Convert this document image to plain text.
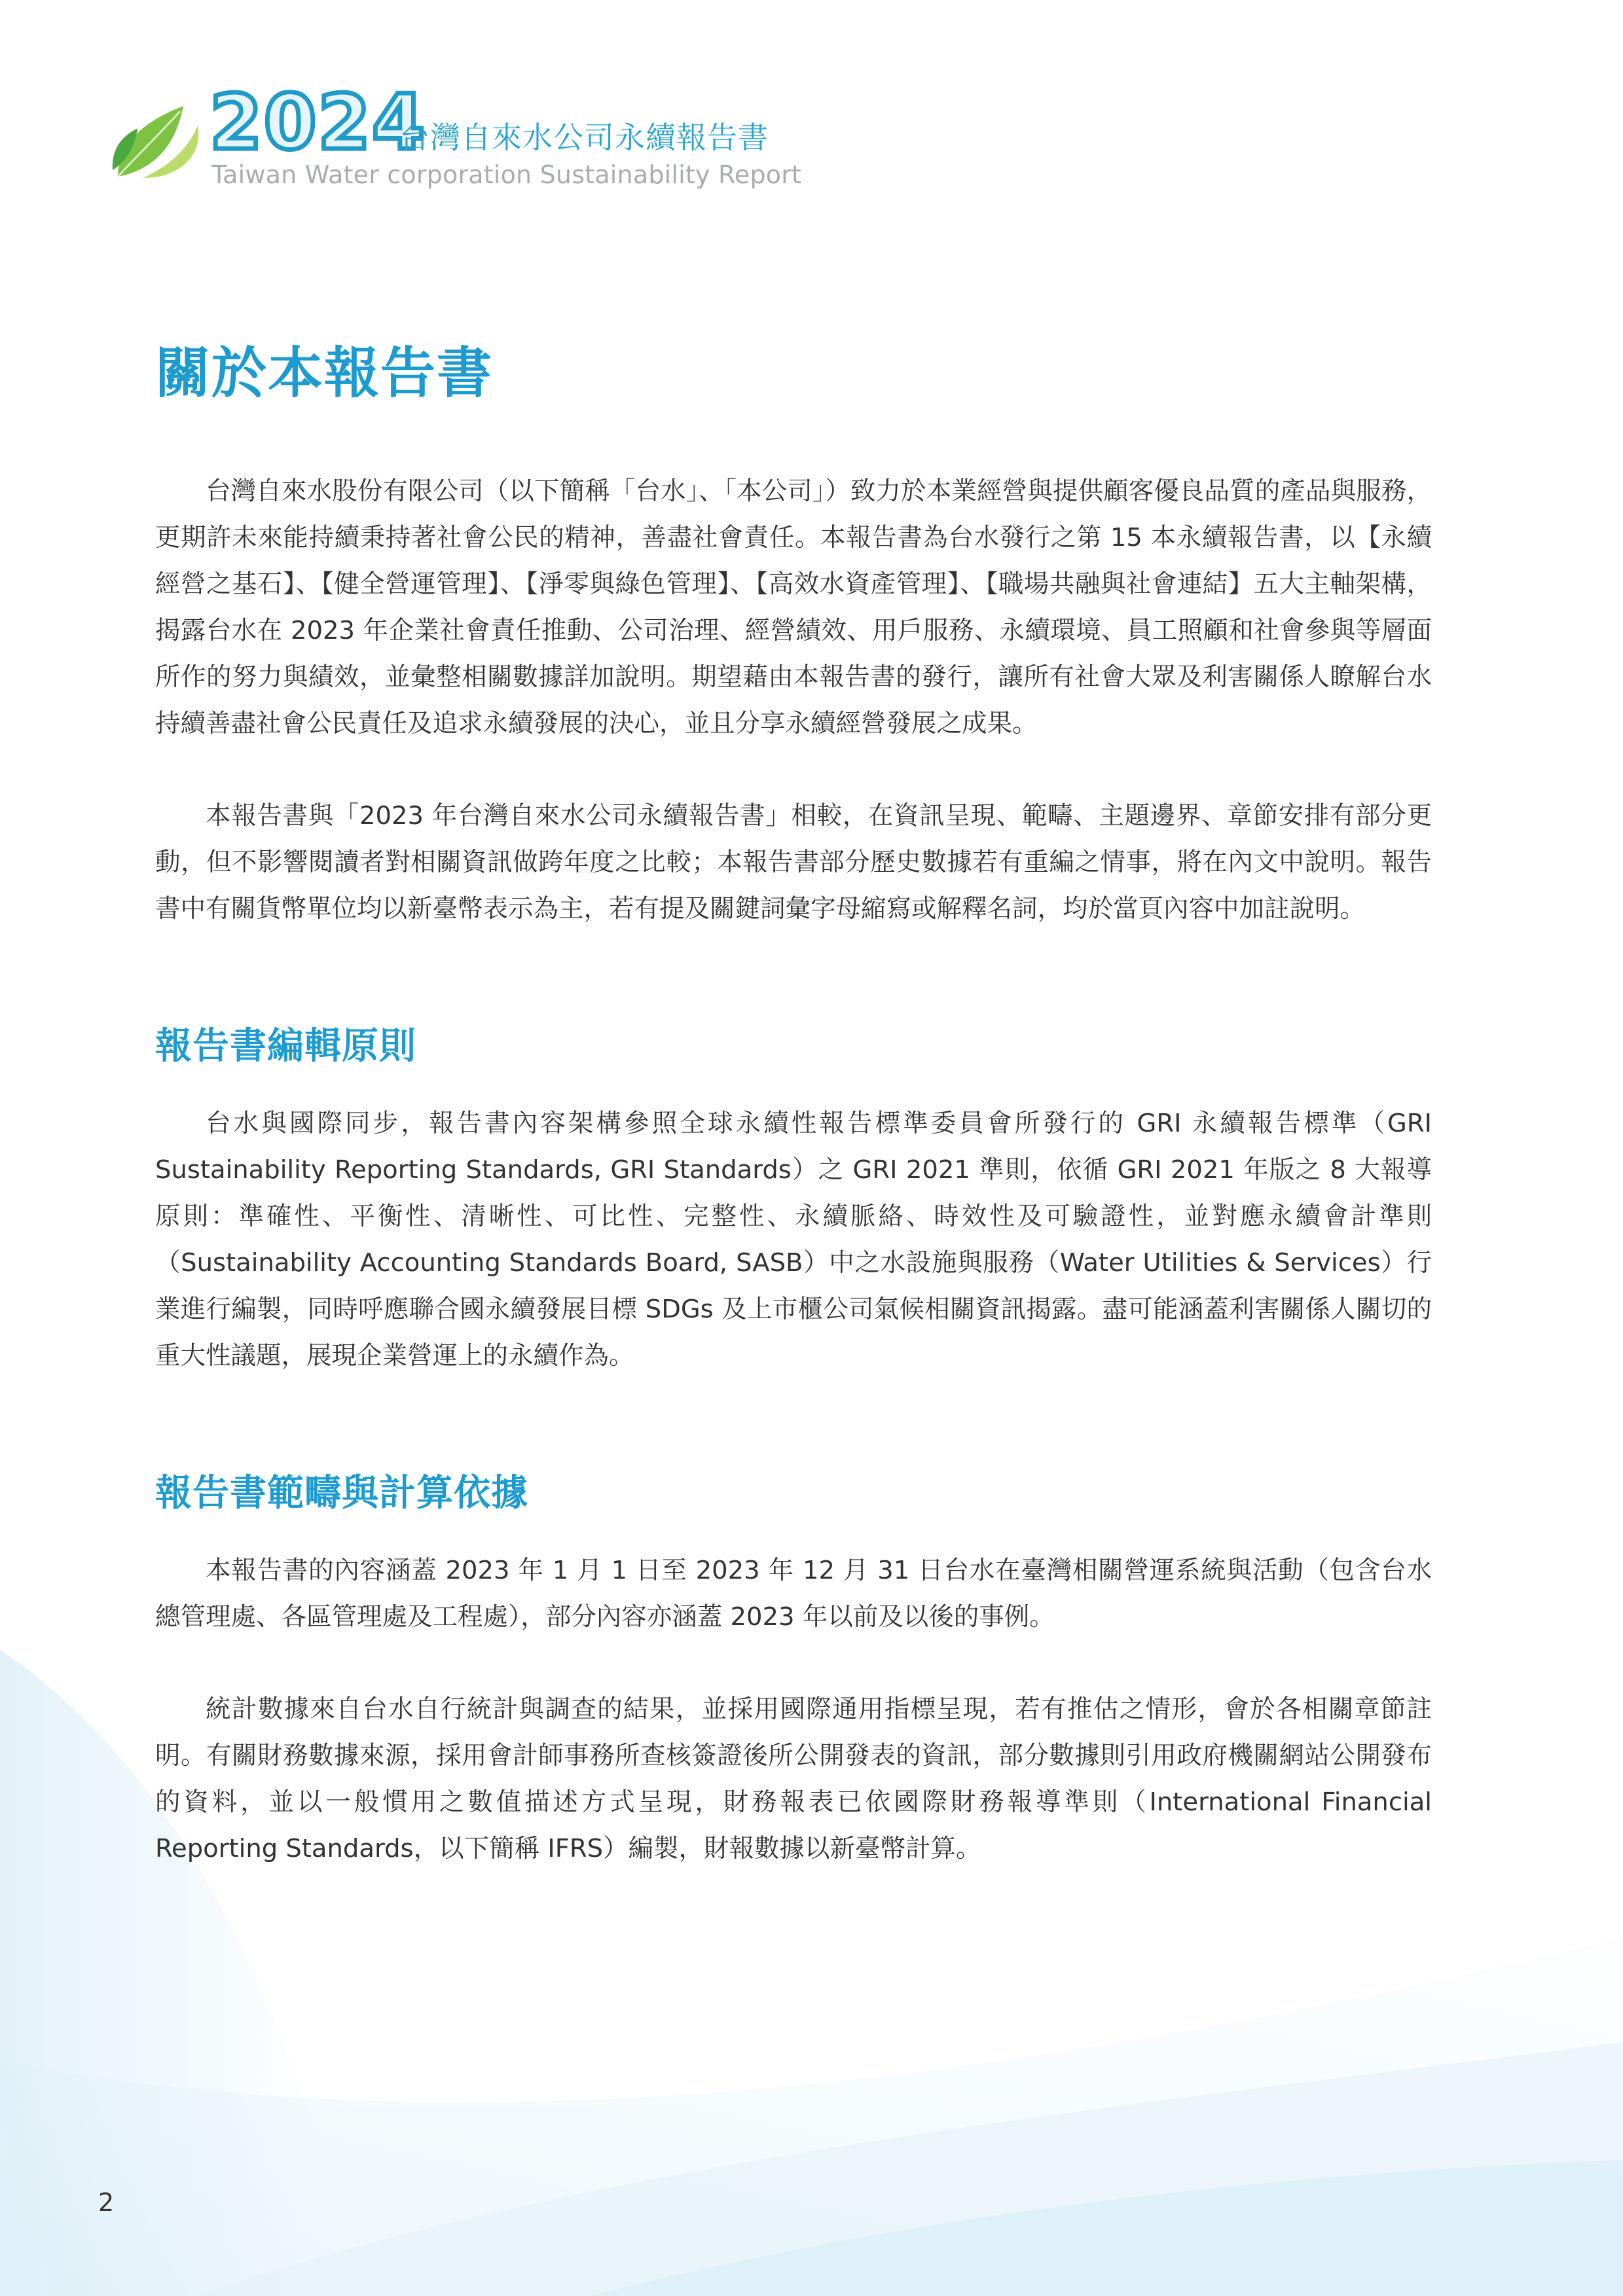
2024
台灣自來水公司永續報告書
Taiwan Water corporation Sustainability Report
關於本報告書

台灣自來水股份有限公司（以下簡稱「台水」、「本公司」）致力於本業經營與提供顧客優良品質的產品與服務，更期許未來能持續秉持著社會公民的精神，善盡社會責任。本報告書為台水發行之第 15 本永續報告書，以【永續經營之基石】、【健全營運管理】、【淨零與綠色管理】、【高效水資產管理】、【職場共融與社會連結】五大主軸架構，揭露台水在 2023 年企業社會責任推動、公司治理、經營績效、用戶服務、永續環境、員工照顧和社會參與等層面所作的努力與績效，並彙整相關數據詳加說明。期望藉由本報告書的發行，讓所有社會大眾及利害關係人瞭解台水持續善盡社會公民責任及追求永續發展的決心，並且分享永續經營發展之成果。

本報告書與「2023 年台灣自來水公司永續報告書」相較，在資訊呈現、範疇、主題邊界、章節安排有部分更動，但不影響閱讀者對相關資訊做跨年度之比較；本報告書部分歷史數據若有重編之情事，將在內文中說明。報告書中有關貨幣單位均以新臺幣表示為主，若有提及關鍵詞彙字母縮寫或解釋名詞，均於當頁內容中加註說明。

報告書編輯原則

台水與國際同步，報告書內容架構參照全球永續性報告標準委員會所發行的 GRI 永續報告標準（GRI Sustainability Reporting Standards, GRI Standards）之 GRI 2021 準則，依循 GRI 2021 年版之 8 大報導原則：準確性、平衡性、清晰性、可比性、完整性、永續脈絡、時效性及可驗證性，並對應永續會計準則（Sustainability Accounting Standards Board, SASB）中之水設施與服務（Water Utilities & Services）行業進行編製，同時呼應聯合國永續發展目標 SDGs 及上市櫃公司氣候相關資訊揭露。盡可能涵蓋利害關係人關切的重大性議題，展現企業營運上的永續作為。

報告書範疇與計算依據

本報告書的內容涵蓋 2023 年 1 月 1 日至 2023 年 12 月 31 日台水在臺灣相關營運系統與活動（包含台水總管理處、各區管理處及工程處），部分內容亦涵蓋 2023 年以前及以後的事例。

統計數據來自台水自行統計與調查的結果，並採用國際通用指標呈現，若有推估之情形，會於各相關章節註明。有關財務數據來源，採用會計師事務所查核簽證後所公開發表的資訊，部分數據則引用政府機關網站公開發布的資料，並以一般慣用之數值描述方式呈現，財務報表已依國際財務報導準則（International Financial Reporting Standards，以下簡稱 IFRS）編製，財報數據以新臺幣計算。

2
